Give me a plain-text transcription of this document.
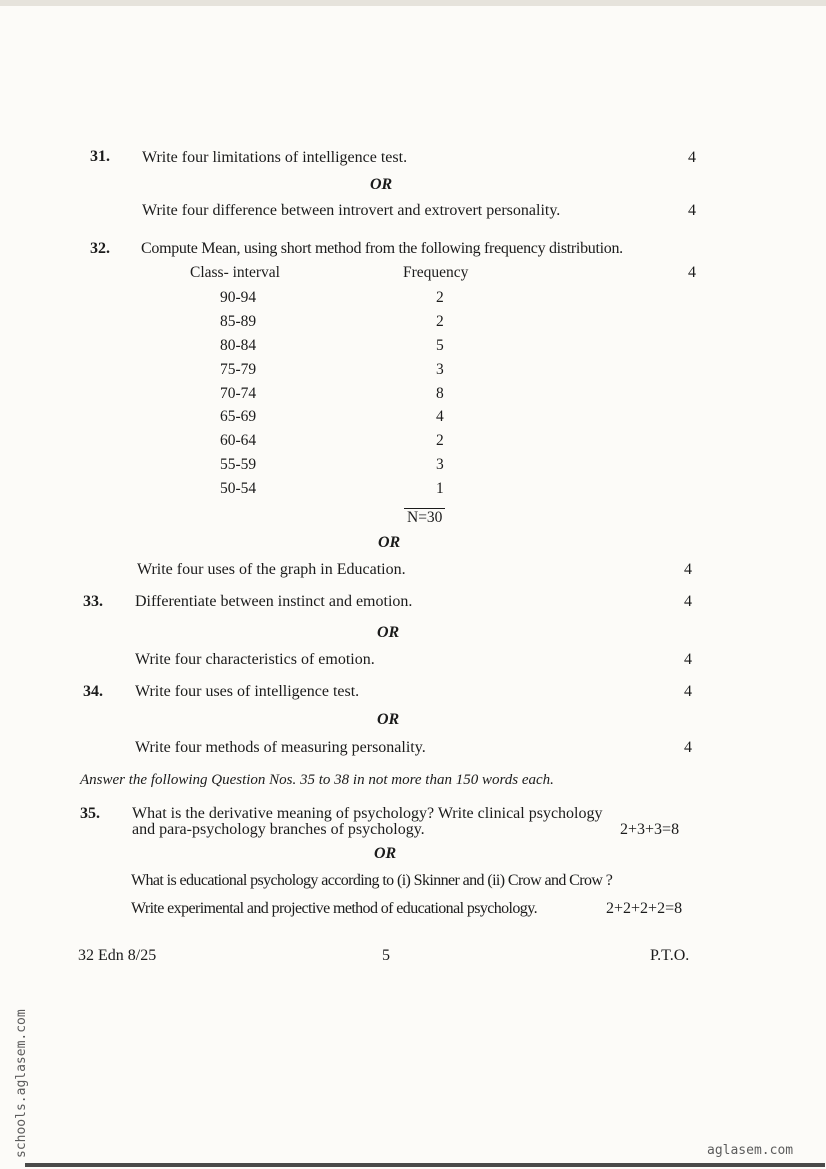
31. Write four limitations of intelligence test.	4
OR
Write four difference between introvert and extrovert personality.	4
32. Compute Mean, using short method from the following frequency distribution.
4
Class- interval	Frequency
90-94	2
85-89	2
80-84	5
75-79	3
70-74	8
65-69	4
60-64	2
55-59	3
50-54	1
N=30
OR
Write four uses of the graph in Education.	4
33. Differentiate between instinct and emotion.	4
OR
Write four characteristics of emotion.	4
34. Write four uses of intelligence test.	4
OR
Write four methods of measuring personality.	4
Answer the following Question Nos. 35 to 38 in not more than 150 words each.
35. What is the derivative meaning of psychology? Write clinical psychology
and para-psychology branches of psychology.	2+3+3=8
OR
What is educational psychology according to (i) Skinner and (ii) Crow and Crow ?
Write experimental and projective method of educational psychology.	2+2+2+2=8
32 Edn 8/25	5	P.T.O.
schools.aglasem.com	aglasem.com
